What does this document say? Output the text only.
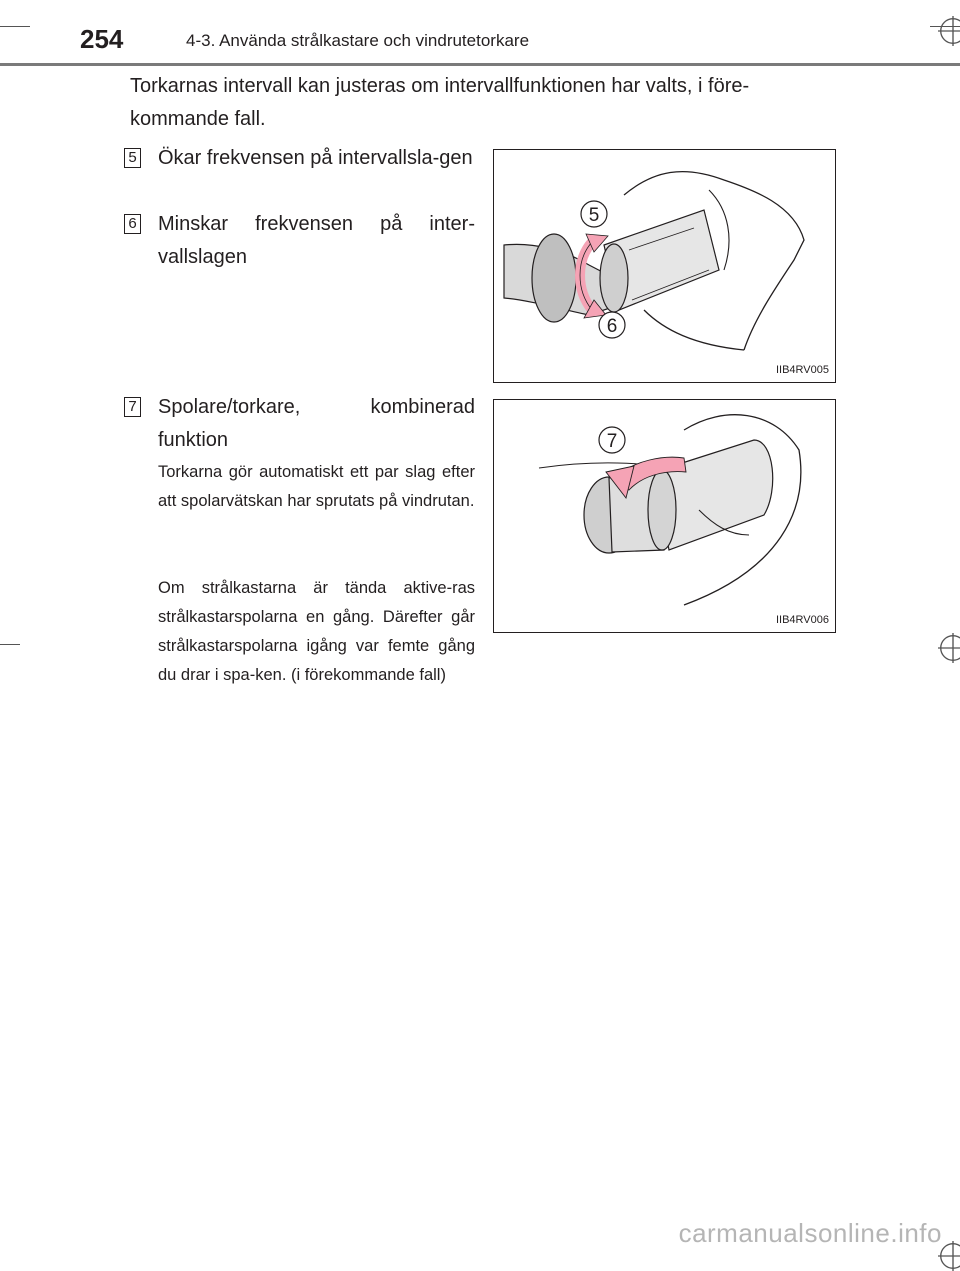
254	4-3. Använda strålkastare och vindrutetorkare

Torkarnas intervall kan justeras om intervallfunktionen har valts, i före-kommande fall.

5 Ökar frekvensen på intervallsla-gen

6 Minskar frekvensen på inter-vallslagen

7 Spolare/torkare, kombinerad funktion

Torkarna gör automatiskt ett par slag efter att spolarvätskan har sprutats på vindrutan.

Om strålkastarna är tända aktive-ras strålkastarspolarna en gång. Därefter går strålkastarspolarna igång var femte gång du drar i spa-ken. (i förekommande fall)

5
6
IIB4RV005
7
IIB4RV006
carmanualsonline.info
